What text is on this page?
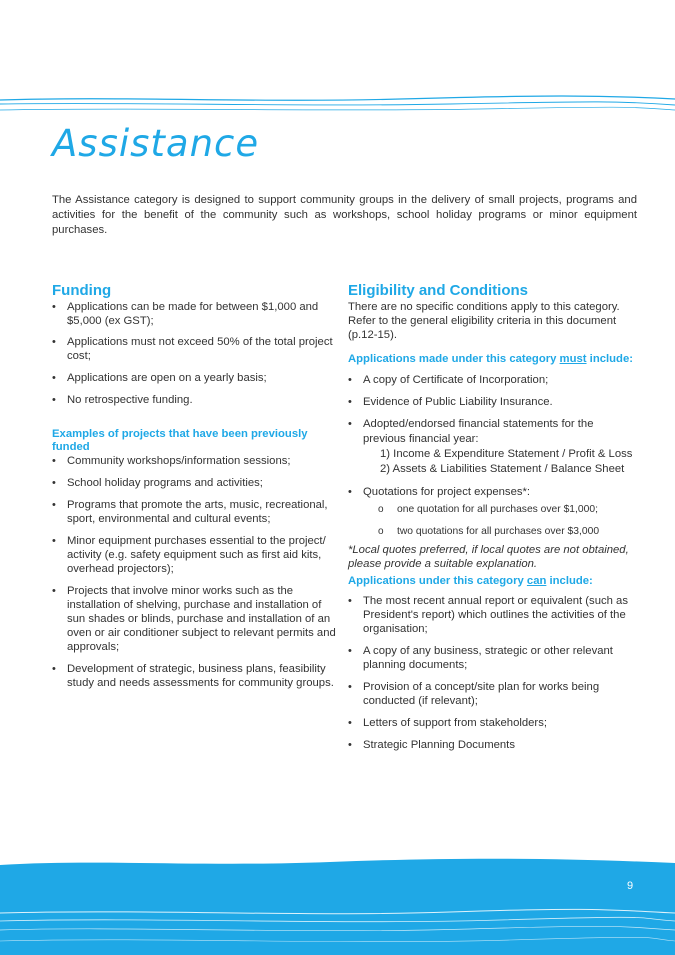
Assistance

The Assistance category is designed to support community groups in the delivery of small projects, programs and activities for the benefit of the community such as workshops, school holiday programs or minor equipment purchases.

Funding
• Applications can be made for between $1,000 and $5,000 (ex GST);
• Applications must not exceed 50% of the total project cost;
• Applications are open on a yearly basis;
• No retrospective funding.
Examples of projects that have been previously funded
• Community workshops/information sessions;
• School holiday programs and activities;
• Programs that promote the arts, music, recreational, sport, environmental and cultural events;
• Minor equipment purchases essential to the project/ activity (e.g. safety equipment such as first aid kits, overhead projectors);
• Projects that involve minor works such as the installation of shelving, purchase and installation of sun shades or blinds, purchase and installation of an oven or air conditioner subject to relevant permits and approvals;
• Development of strategic, business plans, feasibility study and needs assessments for community groups.
Eligibility and Conditions

There are no specific conditions apply to this category. Refer to the general eligibility criteria in this document (p.12-15).

Applications made under this category must include:
• A copy of Certificate of Incorporation;
• Evidence of Public Liability Insurance.
• Adopted/endorsed financial statements for the previous financial year:
1) Income & Expenditure Statement / Profit & Loss
2) Assets & Liabilities Statement / Balance Sheet
• Quotations for project expenses*:
o one quotation for all purchases over $1,000;
o two quotations for all purchases over $3,000

*Local quotes preferred, if local quotes are not obtained, please provide a suitable explanation.

Applications under this category can include:
• The most recent annual report or equivalent (such as President's report) which outlines the activities of the organisation;
• A copy of any business, strategic or other relevant planning documents;
• Provision of a concept/site plan for works being conducted (if relevant);
• Letters of support from stakeholders;
• Strategic Planning Documents
9
